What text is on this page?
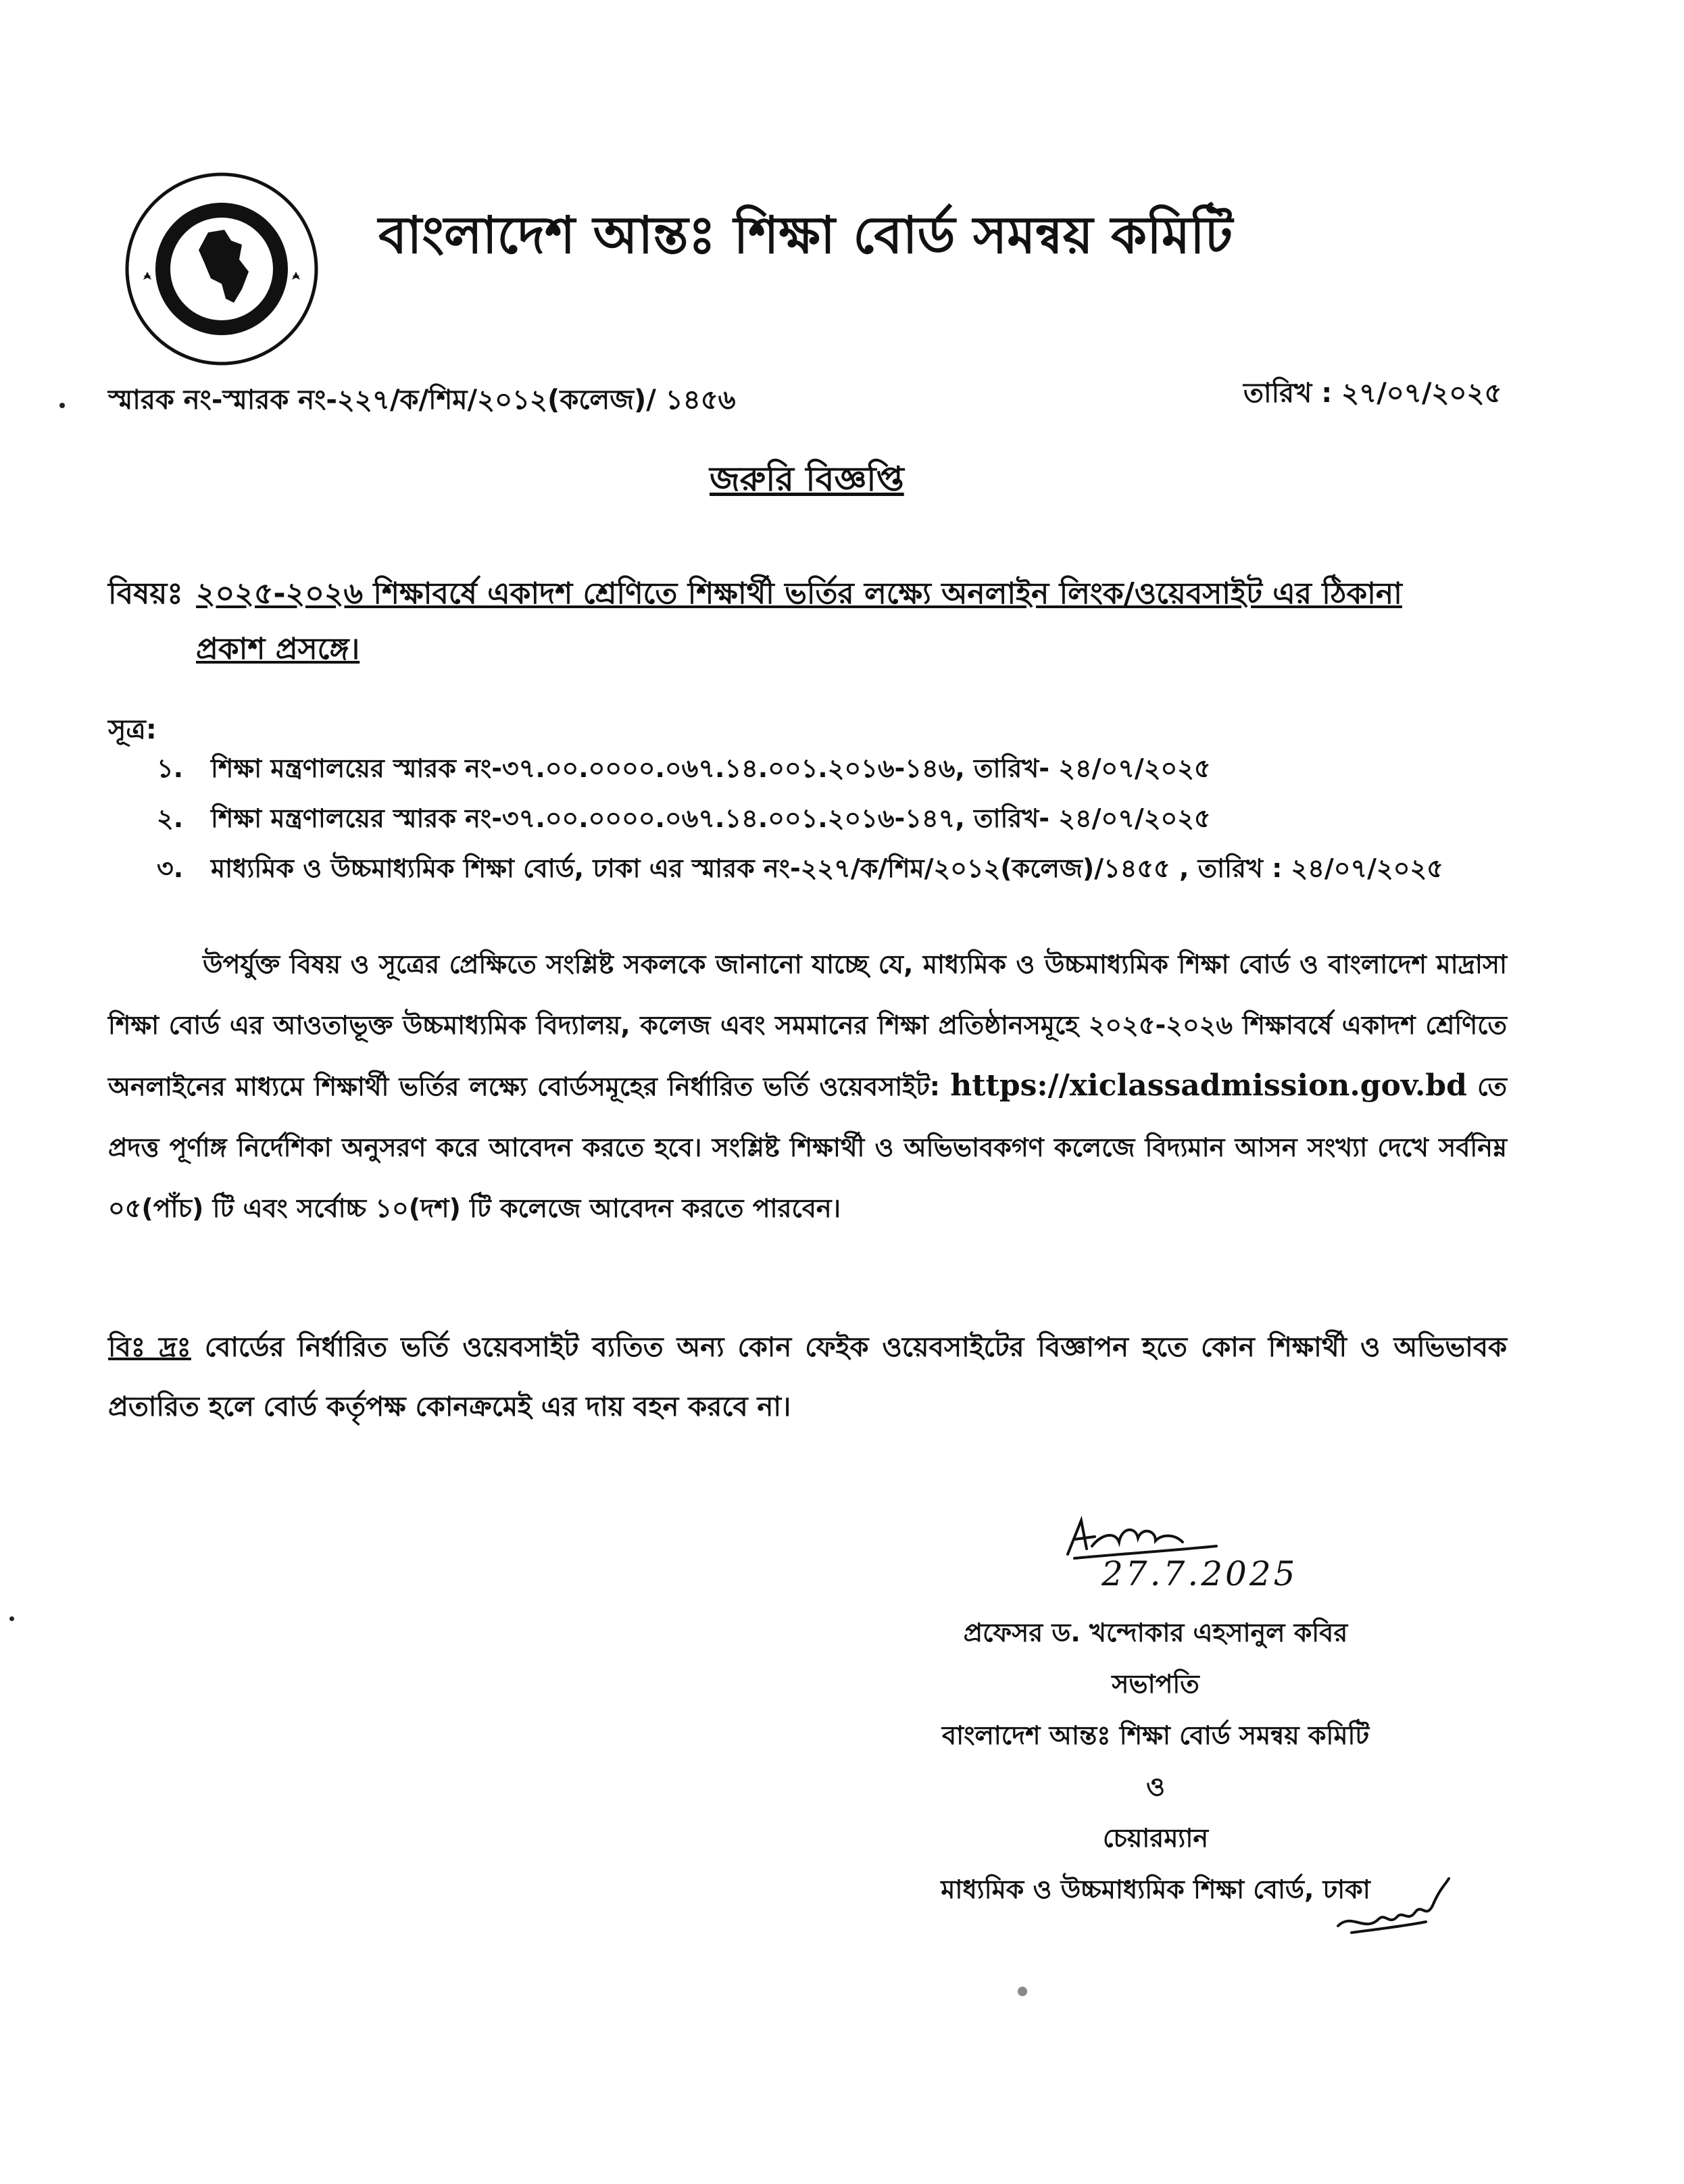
বাংলাদেশ আন্তঃ শিক্ষা বোর্ড সমন্বয় কমিটি
স্মারক নং-স্মারক নং-২২৭/ক/শিম/২০১২(কলেজ)/ ১৪৫৬	তারিখ : ২৭/০৭/২০২৫
জরুরি বিজ্ঞপ্তি
বিষয়ঃ ২০২৫-২০২৬ শিক্ষাবর্ষে একাদশ শ্রেণিতে শিক্ষার্থী ভর্তির লক্ষ্যে অনলাইন লিংক/ওয়েবসাইট এর ঠিকানা
প্রকাশ প্রসঙ্গে।
সূত্র:
১. শিক্ষা মন্ত্রণালয়ের স্মারক নং-৩৭.০০.০০০০.০৬৭.১৪.০০১.২০১৬-১৪৬, তারিখ- ২৪/০৭/২০২৫
২. শিক্ষা মন্ত্রণালয়ের স্মারক নং-৩৭.০০.০০০০.০৬৭.১৪.০০১.২০১৬-১৪৭, তারিখ- ২৪/০৭/২০২৫
৩. মাধ্যমিক ও উচ্চমাধ্যমিক শিক্ষা বোর্ড, ঢাকা এর স্মারক নং-২২৭/ক/শিম/২০১২(কলেজ)/১৪৫৫ , তারিখ : ২৪/০৭/২০২৫
উপর্যুক্ত বিষয় ও সূত্রের প্রেক্ষিতে সংশ্লিষ্ট সকলকে জানানো যাচ্ছে যে, মাধ্যমিক ও উচ্চমাধ্যমিক শিক্ষা বোর্ড ও বাংলাদেশ মাদ্রাসা শিক্ষা বোর্ড এর আওতাভূক্ত উচ্চমাধ্যমিক বিদ্যালয়, কলেজ এবং সমমানের শিক্ষা প্রতিষ্ঠানসমূহে ২০২৫-২০২৬ শিক্ষাবর্ষে একাদশ শ্রেণিতে অনলাইনের মাধ্যমে শিক্ষার্থী ভর্তির লক্ষ্যে বোর্ডসমূহের নির্ধারিত ভর্তি ওয়েবসাইট: https://xiclassadmission.gov.bd তে প্রদত্ত পূর্ণাঙ্গ নির্দেশিকা অনুসরণ করে আবেদন করতে হবে। সংশ্লিষ্ট শিক্ষার্থী ও অভিভাবকগণ কলেজে বিদ্যমান আসন সংখ্যা দেখে সর্বনিম্ন ০৫(পাঁচ) টি এবং সর্বোচ্চ ১০(দশ) টি কলেজে আবেদন করতে পারবেন।
বিঃ দ্রঃ বোর্ডের নির্ধারিত ভর্তি ওয়েবসাইট ব্যতিত অন্য কোন ফেইক ওয়েবসাইটের বিজ্ঞাপন হতে কোন শিক্ষার্থী ও অভিভাবক প্রতারিত হলে বোর্ড কর্তৃপক্ষ কোনক্রমেই এর দায় বহন করবে না।
27.7.2025
প্রফেসর ড. খন্দোকার এহসানুল কবির
সভাপতি
বাংলাদেশ আন্তঃ শিক্ষা বোর্ড সমন্বয় কমিটি
ও
চেয়ারম্যান
মাধ্যমিক ও উচ্চমাধ্যমিক শিক্ষা বোর্ড, ঢাকা
